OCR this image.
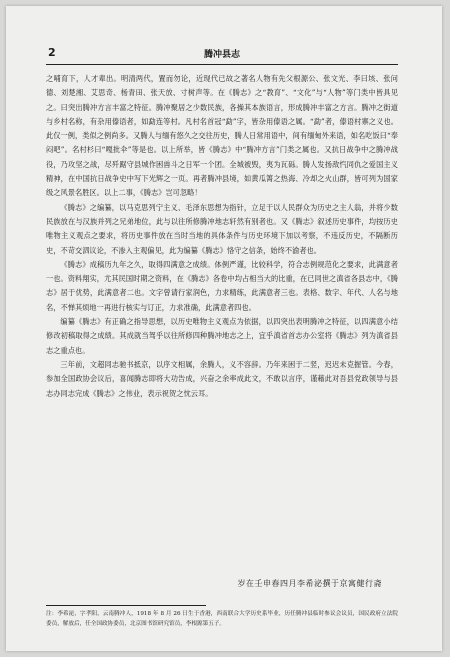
2	腾冲县志

之哺育下，人才辈出。明清两代，置而勿论，近现代已故之著名人物有先父根源公、张文光、李曰垓、张问德、刘楚湘、艾思奇、杨青田、张天放、寸树声等。在《腾志》之“教育”、“文化”与“人物”等门类中皆具见之。曰突出腾冲方言丰富之特征。腾冲聚居之少数民族，各操其本族语言，形成腾冲丰富之方言。腾冲之街道与乡村名称，有杂用傣语者，如勐连等村。凡村名首冠“勐”字，皆杂用傣语之属。“勐”者，傣语村寨之义也。此仅一例，类似之例尚多。又腾人与缅有悠久之交往历史，腾人日常用语中，间有缅甸外来语，如名吃饭曰“奉闷吧”。名村杉曰“嘎批伞”等是也。以上所举，皆《腾志》中“腾冲方言”门类之属也。又抗日战争中之腾冲战役，乃攻坚之战，尽歼踞守县城作困兽斗之日军一个团。全城被毁，夷为瓦砾。腾人发扬敌忾同仇之爱国主义精神，在中国抗日战争史中写下光辉之一页。再者腾冲县境，如黄瓜箐之热海、冷却之火山群，皆可列为国家级之风景名胜区。以上二事，《腾志》岂可忽略！

《腾志》之编纂，以马克思列宁主义、毛泽东思想为指针，立足于以人民群众为历史之主人翁，并将少数民族放在与汉族并列之兄弟地位，此与以往所修腾冲地志轩然有别者也。又《腾志》叙述历史事件，均按历史唯物主义观点之要求，将历史事件放在当时当地的具体条件与历史环境下加以考察，不违反历史，不隔断历史，不苛交泗议论，不渗入主观偏见，此为编纂《腾志》恪守之信条，始终不渝者也。

《腾志》成稿历九年之久，取得四满意之成绩。体例严谨，比较科学，符合志例规范化之要求，此满意者一也。资料翔实，尤其民国时期之资料，在《腾志》各卷中均占相当大的比重，在已同世之滇省各县志中，《腾志》居于优势，此满意者二也。文字曾请行家润色，力求精练，此满意者三也。表格、数字、年代、人名与地名，不惮其烦地一再进行核实与订正，力求准确，此满意者四也。

编纂《腾志》有正确之指导思想，以历史唯物主义观点为依据，以四突出表明腾冲之特征，以四满意小结修改初稿取得之成绩。其成就当驾乎以往所修四种腾冲地志之上，宜乎滇省首志办公室将《腾志》列为滇省县志之重点也。

三年前，文超同志驰书抵京，以序文相属，余腾人，义不容辞。乃年来困于二竖，迟迟未克握管。今春，参加全国政协会议后，喜闻腾志即将大功告成，兴奋之余率成此文，不敢以言序，谨藉此对吾县党政领导与县志办同志完成《腾志》之伟业，表示祝贺之忱云耳。

岁在壬申春四月李希泌撰于京寓健行斋
注：李希泌，字孝阳，云南腾冲人，1918 年 8 月 26 日生于香港，西南联合大学历史系毕业，历任腾冲县临时参议会议员，国民政府立法院委员，解放后，任全国政协委员，北京图书馆研究馆员，李根源第五子。
